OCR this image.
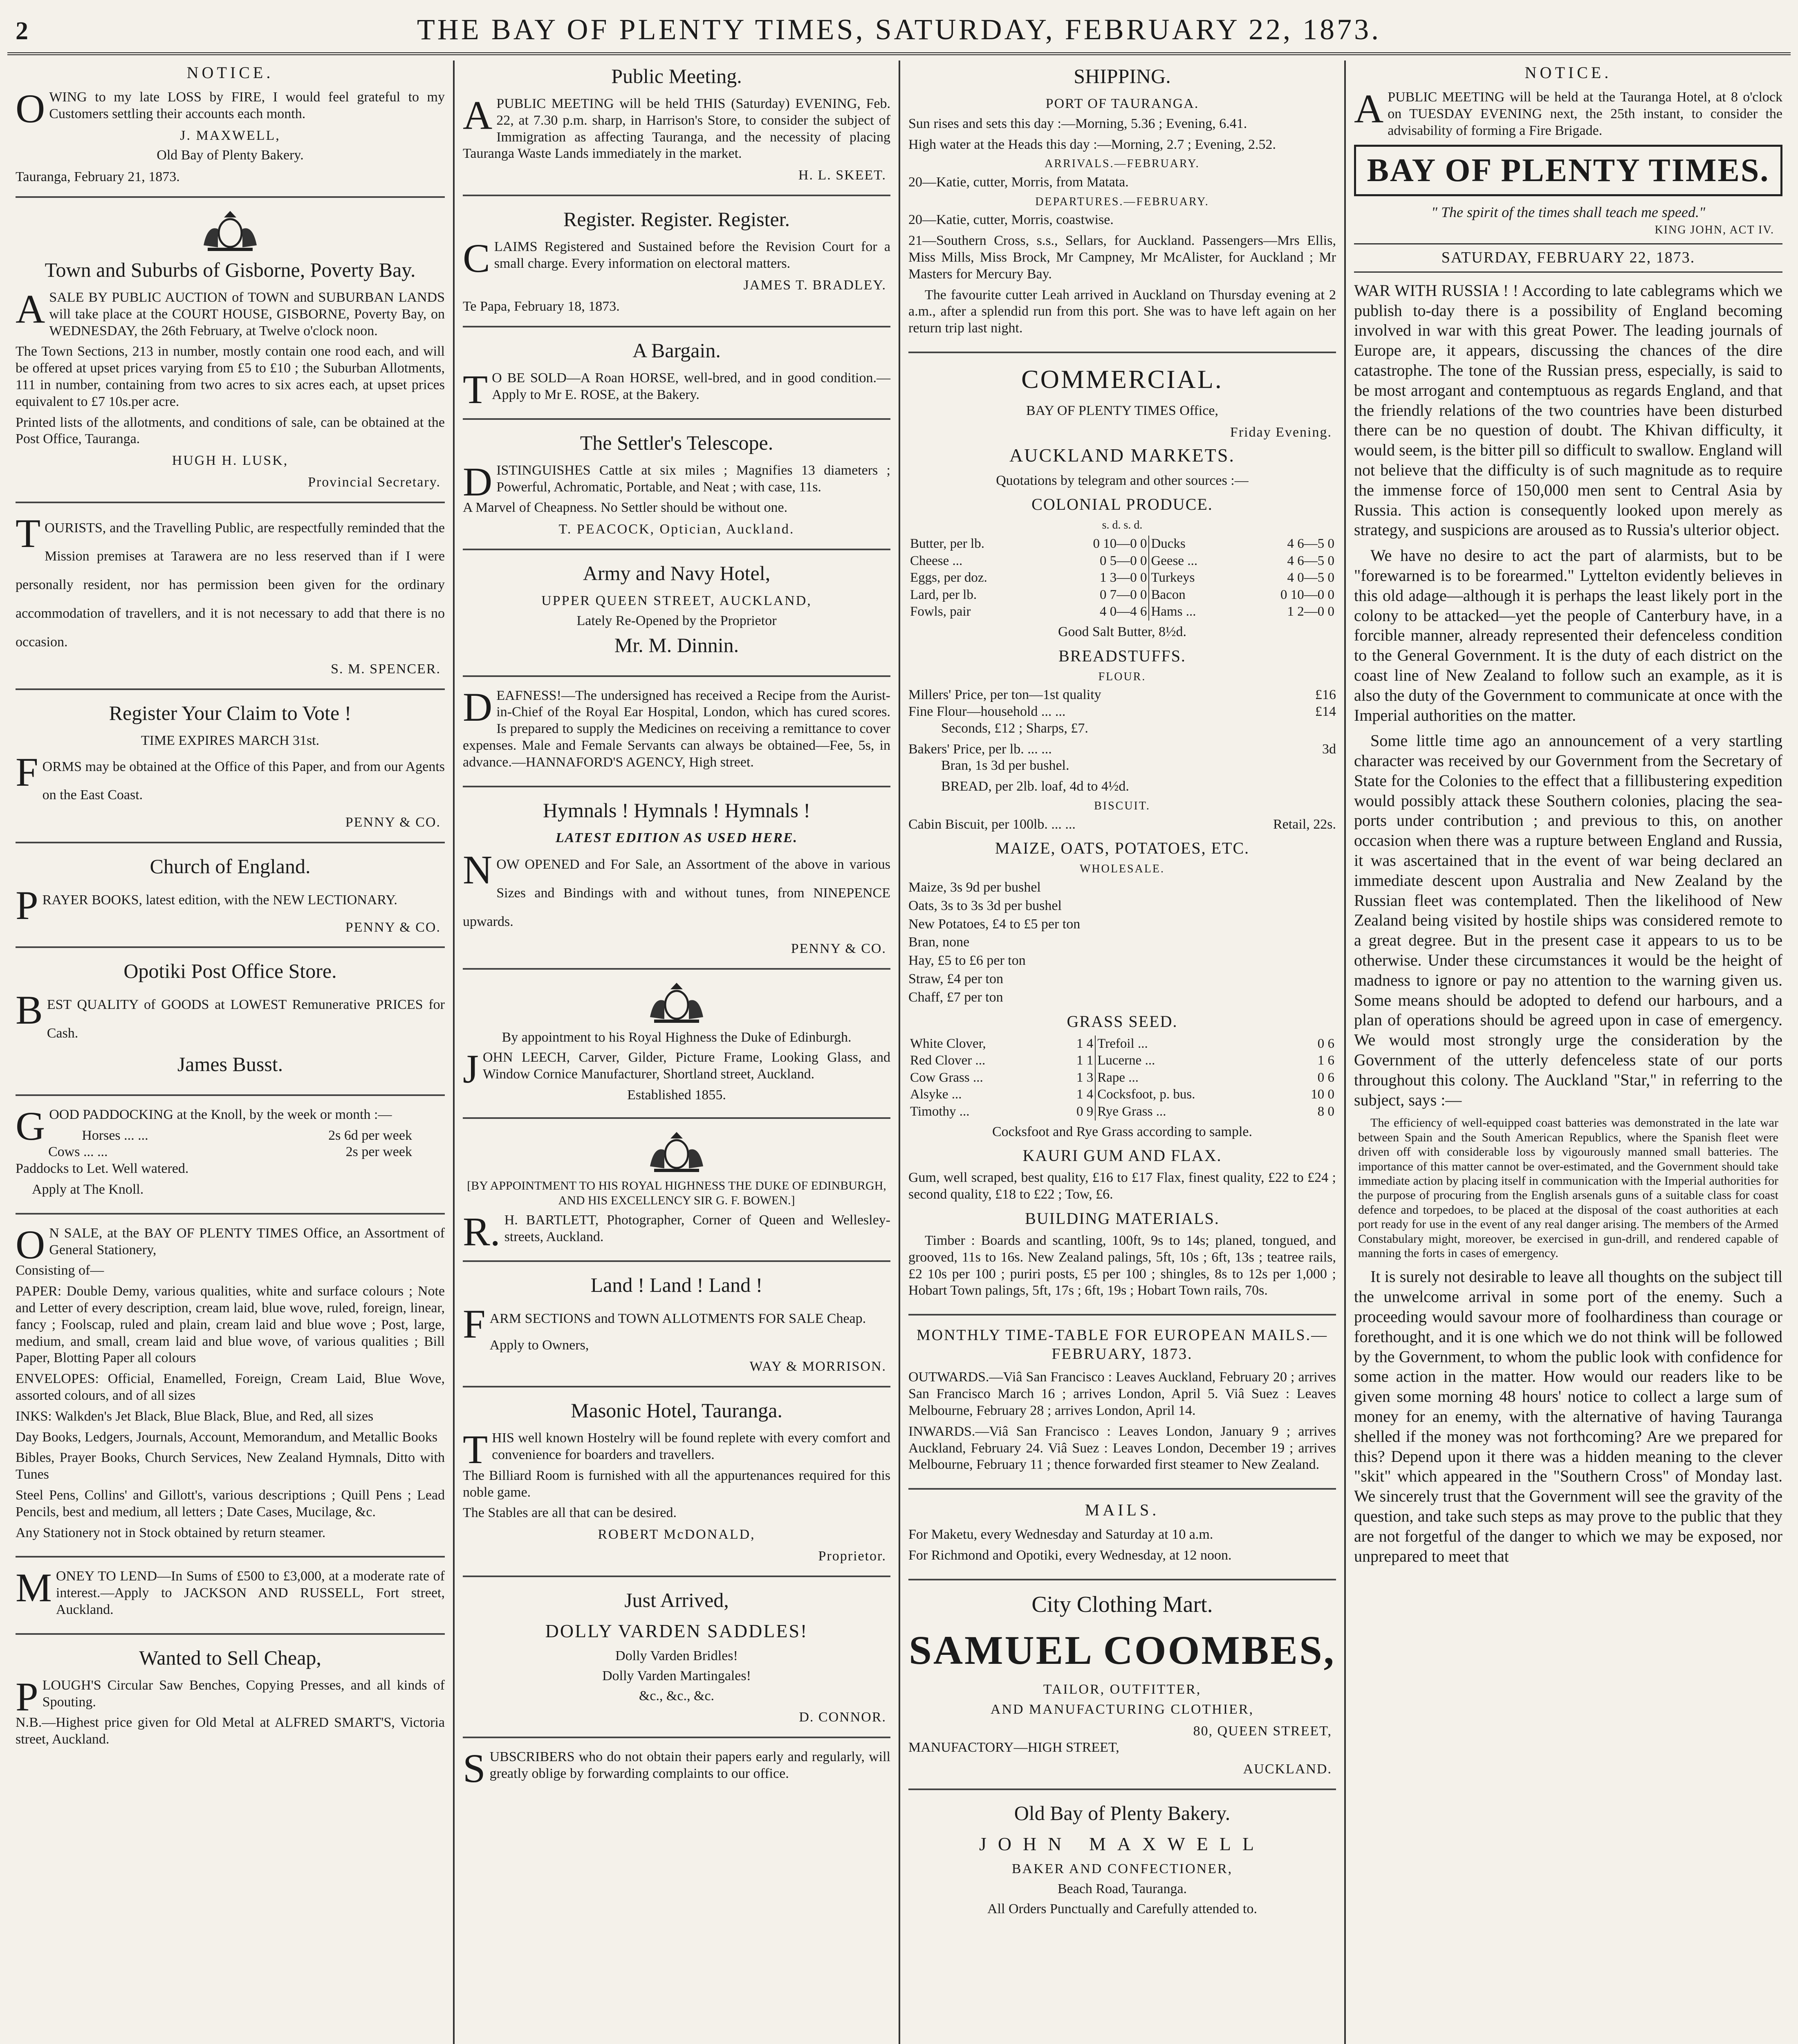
2	THE BAY OF PLENTY TIMES, SATURDAY, FEBRUARY 22, 1873.
NOTICE.

OWING to my late LOSS by FIRE, I would feel grateful to my Customers settling their accounts each month.

J. MAXWELL,
Old Bay of Plenty Bakery.
Tauranga, February 21, 1873.
Town and Suburbs of Gisborne, Poverty Bay.

ASALE BY PUBLIC AUCTION of TOWN and SUBURBAN LANDS will take place at the COURT HOUSE, GISBORNE, Poverty Bay, on WEDNESDAY, the 26th February, at Twelve o'clock noon.

The Town Sections, 213 in number, mostly contain one rood each, and will be offered at upset prices varying from £5 to £10 ; the Suburban Allotments, 111 in number, containing from two acres to six acres each, at upset prices equivalent to £7 10s.per acre.

Printed lists of the allotments, and conditions of sale, can be obtained at the Post Office, Tauranga.

HUGH H. LUSK,
Provincial Secretary.

TOURISTS, and the Travelling Public, are respectfully reminded that the Mission premises at Tarawera are no less reserved than if I were personally resident, nor has permission been given for the ordinary accommodation of travellers, and it is not necessary to add that there is no occasion.

S. M. SPENCER.
Register Your Claim to Vote !
TIME EXPIRES MARCH 31st.

FORMS may be obtained at the Office of this Paper, and from our Agents on the East Coast.

PENNY & CO.
Church of England.

PRAYER BOOKS, latest edition, with the NEW LECTIONARY.

PENNY & CO.
Opotiki Post Office Store.

BEST QUALITY of GOODS at LOWEST Remunerative PRICES for Cash.

James Busst.

GOOD PADDOCKING at the Knoll, by the week or month :—

Horses ... ...	2s 6d per week
Cows ... ...	2s per week

Paddocks to Let. Well watered.

Apply at The Knoll.

ON SALE, at the BAY OF PLENTY TIMES Office, an Assortment of General Stationery,

Consisting of—

PAPER: Double Demy, various qualities, white and surface colours ; Note and Letter of every description, cream laid, blue wove, ruled, foreign, linear, fancy ; Foolscap, ruled and plain, cream laid and blue wove ; Post, large, medium, and small, cream laid and blue wove, of various qualities ; Bill Paper, Blotting Paper all colours

ENVELOPES: Official, Enamelled, Foreign, Cream Laid, Blue Wove, assorted colours, and of all sizes

INKS: Walkden's Jet Black, Blue Black, Blue, and Red, all sizes

Day Books, Ledgers, Journals, Account, Memorandum, and Metallic Books

Bibles, Prayer Books, Church Services, New Zealand Hymnals, Ditto with Tunes

Steel Pens, Collins' and Gillott's, various descriptions ; Quill Pens ; Lead Pencils, best and medium, all letters ; Date Cases, Mucilage, &c.

Any Stationery not in Stock obtained by return steamer.

MONEY TO LEND—In Sums of £500 to £3,000, at a moderate rate of interest.—Apply to JACKSON AND RUSSELL, Fort street, Auckland.

Wanted to Sell Cheap,

PLOUGH'S Circular Saw Benches, Copying Presses, and all kinds of Spouting.

N.B.—Highest price given for Old Metal at ALFRED SMART'S, Victoria street, Auckland.

Public Meeting.

APUBLIC MEETING will be held THIS (Saturday) EVENING, Feb. 22, at 7.30 p.m. sharp, in Harrison's Store, to consider the subject of Immigration as affecting Tauranga, and the necessity of placing Tauranga Waste Lands immediately in the market.

H. L. SKEET.
Register. Register. Register.

CLAIMS Registered and Sustained before the Revision Court for a small charge. Every information on electoral matters.

JAMES T. BRADLEY.
Te Papa, February 18, 1873.
A Bargain.

TO BE SOLD—A Roan HORSE, well-bred, and in good condition.—Apply to Mr E. ROSE, at the Bakery.

The Settler's Telescope.

DISTINGUISHES Cattle at six miles ; Magnifies 13 diameters ; Powerful, Achromatic, Portable, and Neat ; with case, 11s.

A Marvel of Cheapness. No Settler should be without one.

T. PEACOCK, Optician, Auckland.
Army and Navy Hotel,
UPPER QUEEN STREET, AUCKLAND,
Lately Re-Opened by the Proprietor
Mr. M. Dinnin.

DEAFNESS!—The undersigned has received a Recipe from the Aurist-in-Chief of the Royal Ear Hospital, London, which has cured scores. Is prepared to supply the Medicines on receiving a remittance to cover expenses. Male and Female Servants can always be obtained—Fee, 5s, in advance.—HANNAFORD'S AGENCY, High street.

Hymnals ! Hymnals ! Hymnals !
LATEST EDITION AS USED HERE.

NOW OPENED and For Sale, an Assortment of the above in various Sizes and Bindings with and without tunes, from NINEPENCE upwards.

PENNY & CO.
By appointment to his Royal Highness the Duke of Edinburgh.

JOHN LEECH, Carver, Gilder, Picture Frame, Looking Glass, and Window Cornice Manufacturer, Shortland street, Auckland.

Established 1855.

[BY APPOINTMENT TO HIS ROYAL HIGHNESS THE DUKE OF EDINBURGH, AND HIS EXCELLENCY SIR G. F. BOWEN.]

R.H. BARTLETT, Photographer, Corner of Queen and Wellesley-streets, Auckland.

Land ! Land ! Land !

FARM SECTIONS and TOWN ALLOTMENTS FOR SALE Cheap.

Apply to Owners,

WAY & MORRISON.
Masonic Hotel, Tauranga.

THIS well known Hostelry will be found replete with every comfort and convenience for boarders and travellers.

The Billiard Room is furnished with all the appurtenances required for this noble game.

The Stables are all that can be desired.

ROBERT McDONALD,
Proprietor.
Just Arrived,
DOLLY VARDEN SADDLES!
Dolly Varden Bridles!
Dolly Varden Martingales!
&c., &c., &c.
D. CONNOR.

SUBSCRIBERS who do not obtain their papers early and regularly, will greatly oblige by forwarding complaints to our office.

SHIPPING.
PORT OF TAURANGA.

Sun rises and sets this day :—Morning, 5.36 ; Evening, 6.41.

High water at the Heads this day :—Morning, 2.7 ; Evening, 2.52.

ARRIVALS.—FEBRUARY.

20—Katie, cutter, Morris, from Matata.

DEPARTURES.—FEBRUARY.

20—Katie, cutter, Morris, coastwise.

21—Southern Cross, s.s., Sellars, for Auckland. Passengers—Mrs Ellis, Miss Mills, Miss Brock, Mr Campney, Mr McAlister, for Auckland ; Mr Masters for Mercury Bay.

The favourite cutter Leah arrived in Auckland on Thursday evening at 2 a.m., after a splendid run from this port. She was to have left again on her return trip last night.

COMMERCIAL.
BAY OF PLENTY TIMES Office,
Friday Evening.
AUCKLAND MARKETS.
Quotations by telegram and other sources :—
COLONIAL PRODUCE.
s. d. s. d.
Butter, per lb.	0 10—0 0	Ducks	4 6—5 0
Cheese ...	0 5—0 0	Geese ...	4 6—5 0
Eggs, per doz.	1 3—0 0	Turkeys	4 0—5 0
Lard, per lb.	0 7—0 0	Bacon	0 10—0 0
Fowls, pair	4 0—4 6	Hams ...	1 2—0 0
Good Salt Butter, 8½d.
BREADSTUFFS.
FLOUR.
Millers' Price, per ton—1st quality	£16
Fine Flour—household ... ...	£14

Seconds, £12 ; Sharps, £7.

Bakers' Price, per lb. ... ...	3d

Bran, 1s 3d per bushel.

BREAD, per 2lb. loaf, 4d to 4½d.

BISCUIT.
Cabin Biscuit, per 100lb. ... ...	Retail, 22s.
MAIZE, OATS, POTATOES, ETC.
WHOLESALE.
Maize, 3s 9d per bushel
Oats, 3s to 3s 3d per bushel
New Potatoes, £4 to £5 per ton
Bran, none
Hay, £5 to £6 per ton
Straw, £4 per ton
Chaff, £7 per ton
GRASS SEED.
White Clover,	1 4	Trefoil ...	0 6
Red Clover ...	1 1	Lucerne ...	1 6
Cow Grass ...	1 3	Rape ...	0 6
Alsyke ...	1 4	Cocksfoot, p. bus.	10 0
Timothy ...	0 9	Rye Grass ...	8 0
Cocksfoot and Rye Grass according to sample.
KAURI GUM AND FLAX.

Gum, well scraped, best quality, £16 to £17 Flax, finest quality, £22 to £24 ; second quality, £18 to £22 ; Tow, £6.

BUILDING MATERIALS.

Timber : Boards and scantling, 100ft, 9s to 14s; planed, tongued, and grooved, 11s to 16s. New Zealand palings, 5ft, 10s ; 6ft, 13s ; teatree rails, £2 10s per 100 ; puriri posts, £5 per 100 ; shingles, 8s to 12s per 1,000 ; Hobart Town palings, 5ft, 17s ; 6ft, 19s ; Hobart Town rails, 70s.

MONTHLY TIME-TABLE FOR EUROPEAN MAILS.—FEBRUARY, 1873.

OUTWARDS.—Viâ San Francisco : Leaves Auckland, February 20 ; arrives San Francisco March 16 ; arrives London, April 5. Viâ Suez : Leaves Melbourne, February 28 ; arrives London, April 14.

INWARDS.—Viâ San Francisco : Leaves London, January 9 ; arrives Auckland, February 24. Viâ Suez : Leaves London, December 19 ; arrives Melbourne, February 11 ; thence forwarded first steamer to New Zealand.

MAILS.

For Maketu, every Wednesday and Saturday at 10 a.m.

For Richmond and Opotiki, every Wednesday, at 12 noon.

City Clothing Mart.
SAMUEL COOMBES,
TAILOR, OUTFITTER,
AND MANUFACTURING CLOTHIER,
80, QUEEN STREET,
MANUFACTORY—HIGH STREET,
AUCKLAND.
Old Bay of Plenty Bakery.
JOHN MAXWELL
BAKER AND CONFECTIONER,
Beach Road, Tauranga.
All Orders Punctually and Carefully attended to.
NOTICE.

APUBLIC MEETING will be held at the Tauranga Hotel, at 8 o'clock on TUESDAY EVENING next, the 25th instant, to consider the advisability of forming a Fire Brigade.

BAY OF PLENTY TIMES.
" The spirit of the times shall teach me speed."
KING JOHN, ACT IV.
SATURDAY, FEBRUARY 22, 1873.

WAR WITH RUSSIA ! ! According to late cablegrams which we publish to-day there is a possibility of England becoming involved in war with this great Power. The leading journals of Europe are, it appears, discussing the chances of the dire catastrophe. The tone of the Russian press, especially, is said to be most arrogant and contemptuous as regards England, and that the friendly relations of the two countries have been disturbed there can be no question of doubt. The Khivan difficulty, it would seem, is the bitter pill so difficult to swallow. England will not believe that the difficulty is of such magnitude as to require the immense force of 150,000 men sent to Central Asia by Russia. This action is consequently looked upon merely as strategy, and suspicions are aroused as to Russia's ulterior object.

We have no desire to act the part of alarmists, but to be "forewarned is to be forearmed." Lyttelton evidently believes in this old adage—although it is perhaps the least likely port in the colony to be attacked—yet the people of Canterbury have, in a forcible manner, already represented their defenceless condition to the General Government. It is the duty of each district on the coast line of New Zealand to follow such an example, as it is also the duty of the Government to communicate at once with the Imperial authorities on the matter.

Some little time ago an announcement of a very startling character was received by our Government from the Secretary of State for the Colonies to the effect that a fillibustering expedition would possibly attack these Southern colonies, placing the sea-ports under contribution ; and previous to this, on another occasion when there was a rupture between England and Russia, it was ascertained that in the event of war being declared an immediate descent upon Australia and New Zealand by the Russian fleet was contemplated. Then the likelihood of New Zealand being visited by hostile ships was considered remote to a great degree. But in the present case it appears to us to be otherwise. Under these circumstances it would be the height of madness to ignore or pay no attention to the warning given us. Some means should be adopted to defend our harbours, and a plan of operations should be agreed upon in case of emergency. We would most strongly urge the consideration by the Government of the utterly defenceless state of our ports throughout this colony. The Auckland "Star," in referring to the subject, says :—

The efficiency of well-equipped coast batteries was demonstrated in the late war between Spain and the South American Republics, where the Spanish fleet were driven off with considerable loss by vigourously manned small batteries. The importance of this matter cannot be over-estimated, and the Government should take immediate action by placing itself in communication with the Imperial authorities for the purpose of procuring from the English arsenals guns of a suitable class for coast defence and torpedoes, to be placed at the disposal of the coast authorities at each port ready for use in the event of any real danger arising. The members of the Armed Constabulary might, moreover, be exercised in gun-drill, and rendered capable of manning the forts in cases of emergency.

It is surely not desirable to leave all thoughts on the subject till the unwelcome arrival in some port of the enemy. Such a proceeding would savour more of foolhardiness than courage or forethought, and it is one which we do not think will be followed by the Government, to whom the public look with confidence for some action in the matter. How would our readers like to be given some morning 48 hours' notice to collect a large sum of money for an enemy, with the alternative of having Tauranga shelled if the money was not forthcoming? Are we prepared for this? Depend upon it there was a hidden meaning to the clever "skit" which appeared in the "Southern Cross" of Monday last. We sincerely trust that the Government will see the gravity of the question, and take such steps as may prove to the public that they are not forgetful of the danger to which we may be exposed, nor unprepared to meet that
